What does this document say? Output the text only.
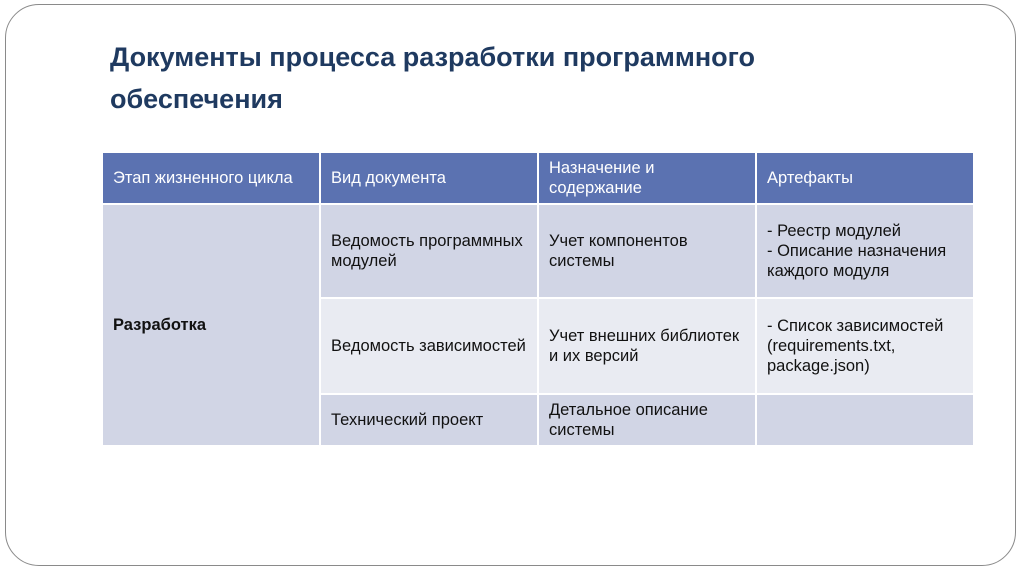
Документы процесса разработки программного обеспечения
Этап жизненного цикла	Вид документа	Назначение и содержание	Артефакты
Разработка	Ведомость программных модулей	Учет компонентов системы	- Реестр модулей
- Описание назначения каждого модуля

	Ведомость зависимостей	Учет внешних библиотек и их версий	- Список зависимостей (requirements.txt, package.json)

	Технический проект	Детальное описание системы	
